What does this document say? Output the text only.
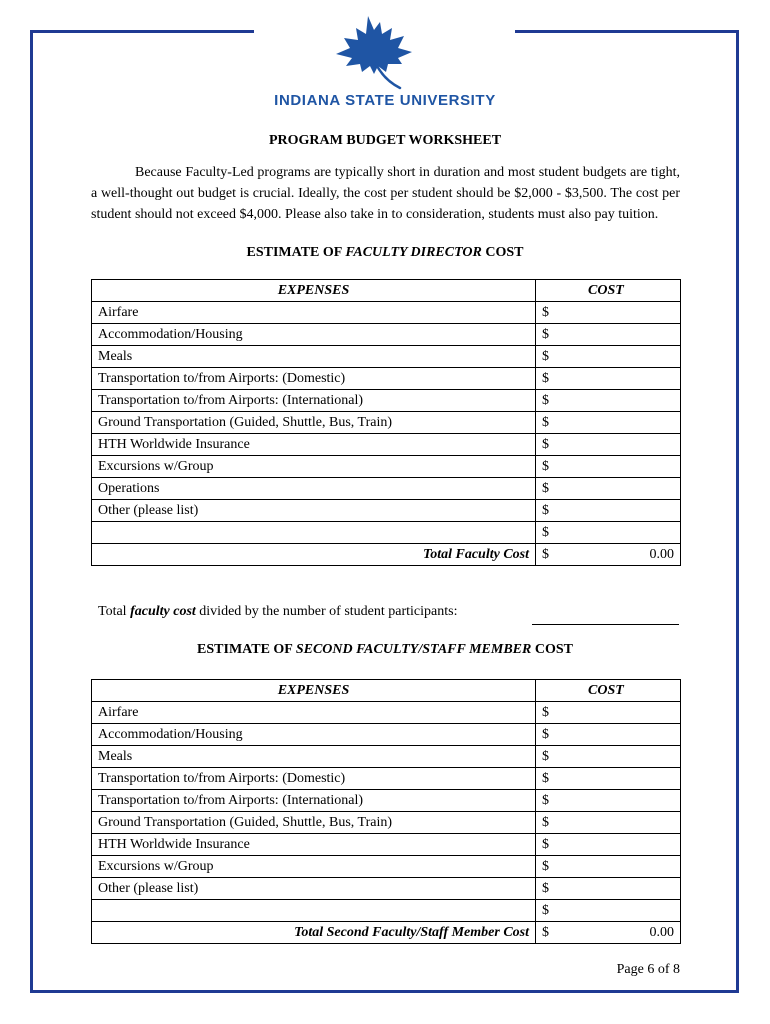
INDIANA STATE UNIVERSITY
PROGRAM BUDGET WORKSHEET
Because Faculty-Led programs are typically short in duration and most student budgets are tight, a well-thought out budget is crucial. Ideally, the cost per student should be $2,000 - $3,500. The cost per student should not exceed $4,000. Please also take in to consideration, students must also pay tuition.
ESTIMATE OF FACULTY DIRECTOR COST
EXPENSES	COST
Airfare	$

Accommodation/Housing	$

Meals	$

Transportation to/from Airports: (Domestic)	$

Transportation to/from Airports: (International)	$

Ground Transportation (Guided, Shuttle, Bus, Train)	$

HTH Worldwide Insurance	$

Excursions w/Group	$

Operations	$

Other (please list)	$

	$

Total Faculty Cost	$ 0.00
Total faculty cost divided by the number of student participants:
ESTIMATE OF SECOND FACULTY/STAFF MEMBER COST
EXPENSES	COST
Airfare	$

Accommodation/Housing	$

Meals	$

Transportation to/from Airports: (Domestic)	$

Transportation to/from Airports: (International)	$

Ground Transportation (Guided, Shuttle, Bus, Train)	$

HTH Worldwide Insurance	$

Excursions w/Group	$

Other (please list)	$

	$

Total Second Faculty/Staff Member Cost	$ 0.00
Page 6 of 8
